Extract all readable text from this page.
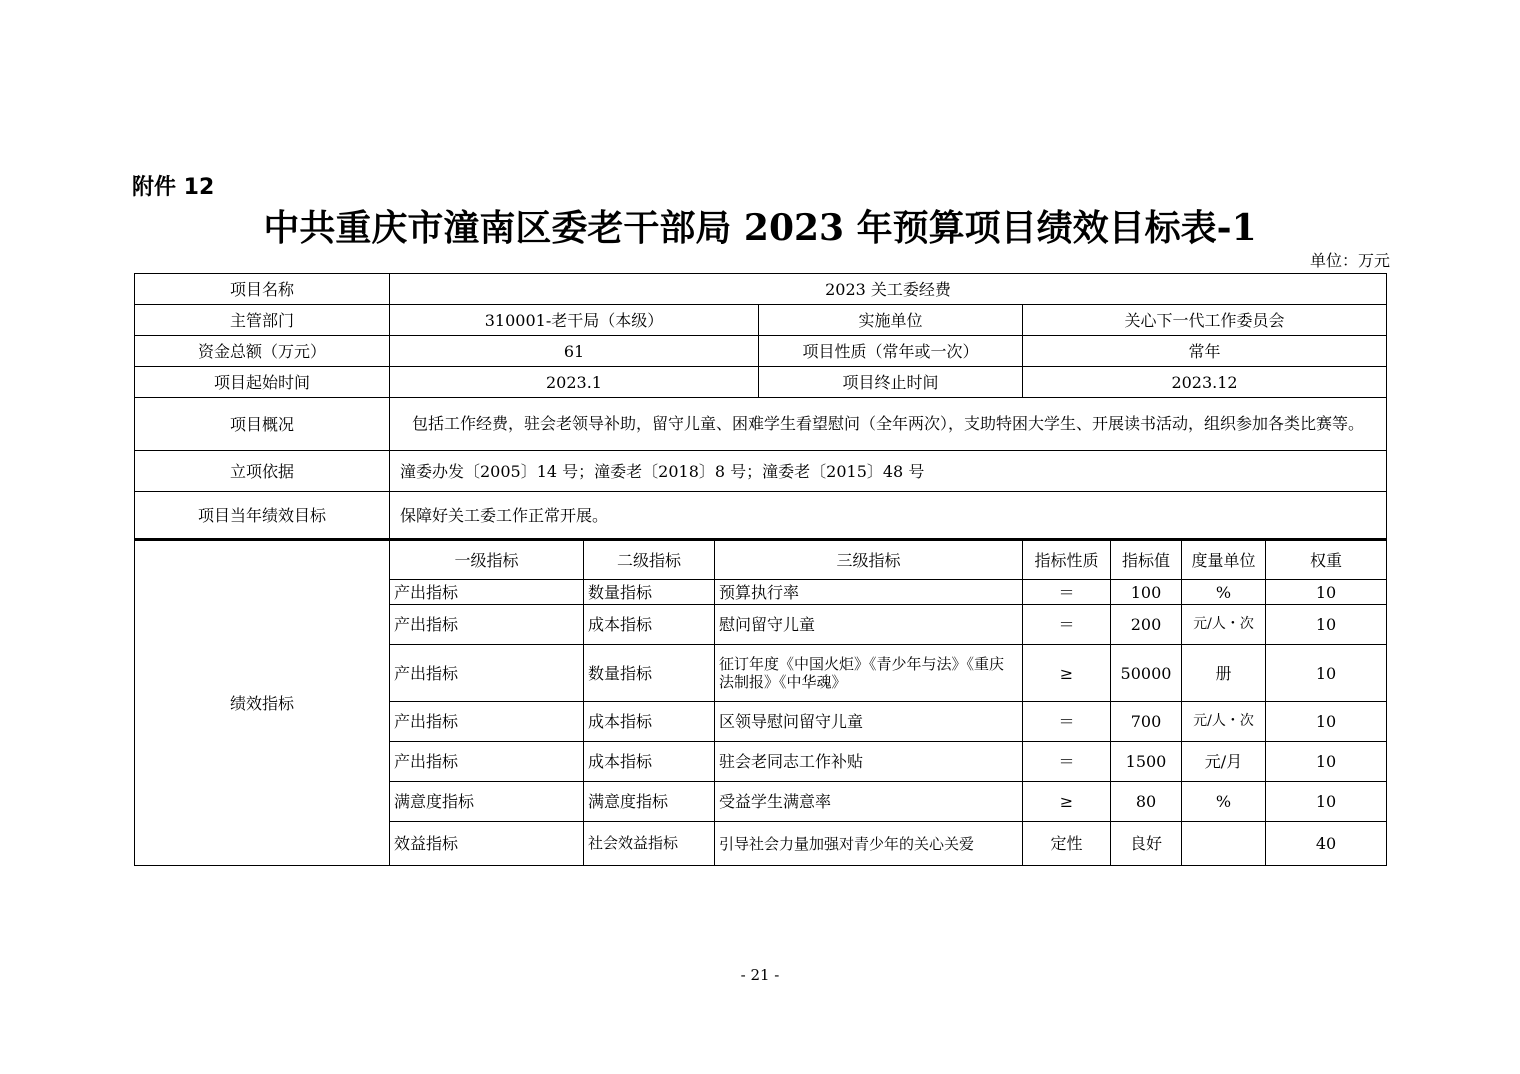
附件 12
中共重庆市潼南区委老干部局 2023 年预算项目绩效目标表-1
单位：万元
项目名称	2023 关工委经费							
主管部门	310001-老干局（本级）			实施单位	关心下一代工作委员会			
资金总额（万元）	61			项目性质（常年或一次）	常年			
项目起始时间	2023.1			项目终止时间	2023.12			
项目概况	包括工作经费，驻会老领导补助，留守儿童、困难学生看望慰问（全年两次），支助特困大学生、开展读书活动，组织参加各类比赛等。							
立项依据	潼委办发〔2005〕14 号；潼委老〔2018〕8 号；潼委老〔2015〕48 号							
项目当年绩效目标	保障好关工委工作正常开展。							
绩效指标	一级指标	二级指标	三级指标		指标性质	指标值	度量单位	权重
	产出指标	数量指标	预算执行率		＝	100	%	10
	产出指标	成本指标	慰问留守儿童		＝	200	元/人・次	10
	产出指标	数量指标	征订年度《中国火炬》《青少年与法》《重庆法制报》《中华魂》		≥	50000	册	10
	产出指标	成本指标	区领导慰问留守儿童		＝	700	元/人・次	10
	产出指标	成本指标	驻会老同志工作补贴		＝	1500	元/月	10
	满意度指标	满意度指标	受益学生满意率		≥	80	%	10
	效益指标	社会效益指标	引导社会力量加强对青少年的关心关爱		定性	良好		40
- 21 -
